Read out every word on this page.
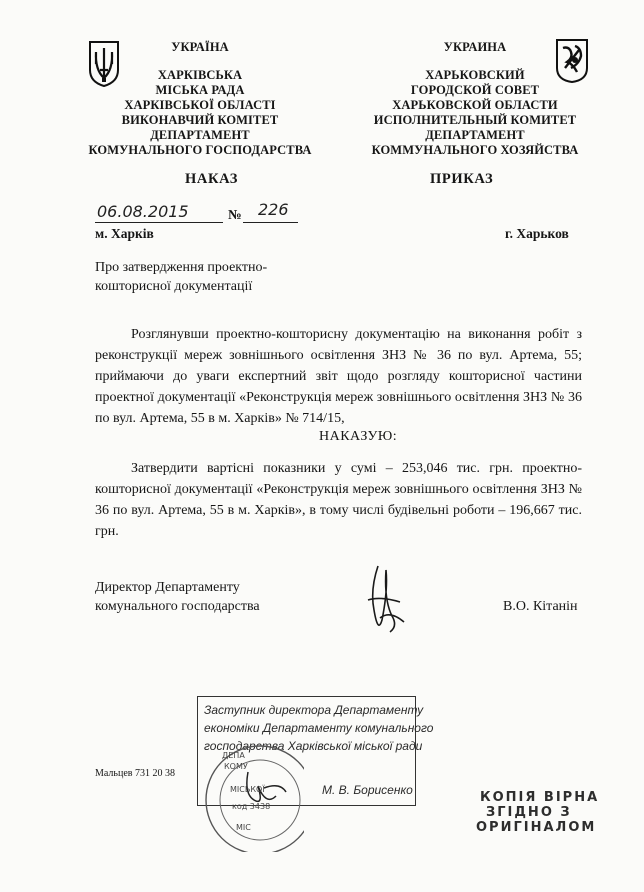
УКРАЇНА
ХАРКІВСЬКА
МІСЬКА РАДА
ХАРКІВСЬКОЇ ОБЛАСТІ
ВИКОНАВЧИЙ КОМІТЕТ
ДЕПАРТАМЕНТ
КОМУНАЛЬНОГО ГОСПОДАРСТВА
НАКАЗ
УКРАИНА
ХАРЬКОВСКИЙ
ГОРОДСКОЙ СОВЕТ
ХАРЬКОВСКОЙ ОБЛАСТИ
ИСПОЛНИТЕЛЬНЫЙ КОМИТЕТ
ДЕПАРТАМЕНТ
КОММУНАЛЬНОГО ХОЗЯЙСТВА
ПРИКАЗ
06.08.2015	№ 226
м. Харків	г. Харьков
Про затвердження проектно-
кошторисної документації
Розглянувши проектно-кошторисну документацію на виконання робіт з реконструкції мереж зовнішнього освітлення ЗНЗ № 36 по вул. Артема, 55; приймаючи до уваги експертний звіт щодо розгляду кошторисної частини проектної документації «Реконструкція мереж зовнішнього освітлення ЗНЗ № 36 по вул. Артема, 55 в м. Харків» № 714/15,
НАКАЗУЮ:
Затвердити вартісні показники у сумі – 253,046 тис. грн. проектно-кошторисної документації «Реконструкція мереж зовнішнього освітлення ЗНЗ № 36 по вул. Артема, 55 в м. Харків», в тому числі будівельні роботи – 196,667 тис. грн.
Директор Департаменту
комунального господарства	В.О. Кітанін
Мальцев 731 20 38
Заступник директора Департаменту
економіки Департаменту комунального
господарства Харківської міської ради
М. В. Борисенко
ДЕПА
КОМУ
МІСЬКОЇ
код 3438
МІС
КОПІЯ ВІРНА
ЗГІДНО З
ОРИГІНАЛОМ
